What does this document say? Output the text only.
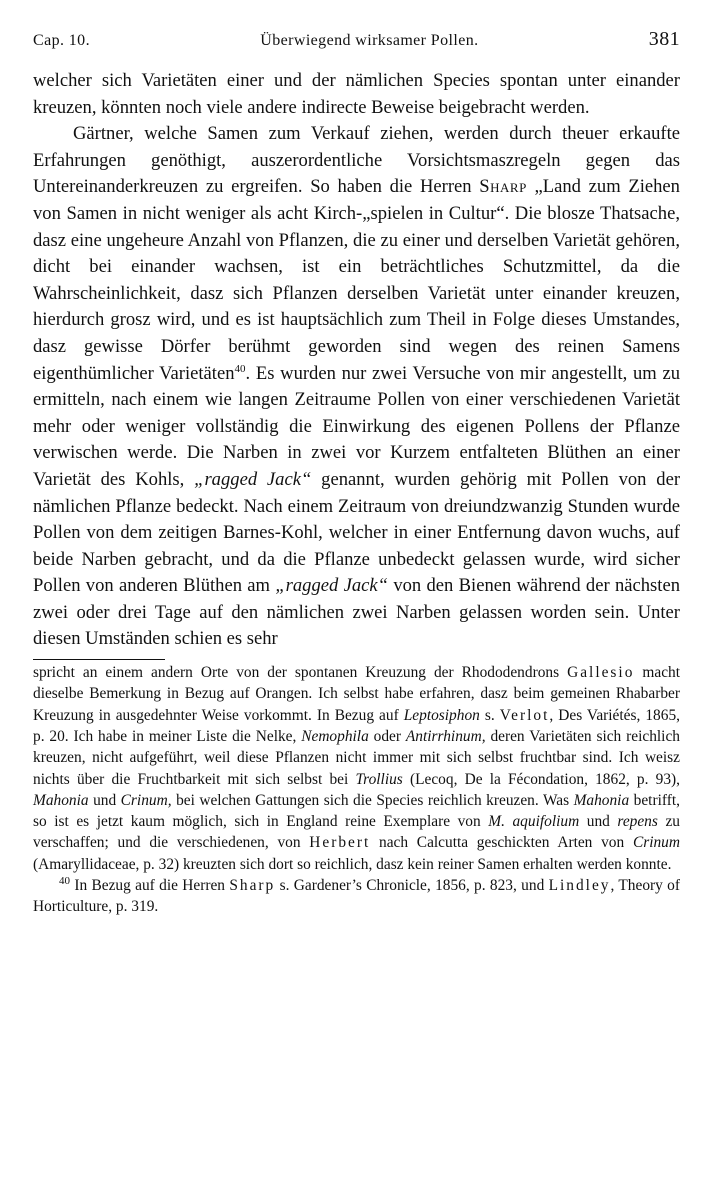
Cap. 10.	Überwiegend wirksamer Pollen.	381

welcher sich Varietäten einer und der nämlichen Species spontan unter einander kreuzen, könnten noch viele andere indirecte Beweise beigebracht werden.

Gärtner, welche Samen zum Verkauf ziehen, werden durch theuer erkaufte Erfahrungen genöthigt, auszerordentliche Vorsichtsmaszregeln gegen das Untereinanderkreuzen zu ergreifen. So haben die Herren Sharp „Land zum Ziehen von Samen in nicht weniger als acht Kirch-„spielen in Cultur“. Die blosze Thatsache, dasz eine ungeheure Anzahl von Pflanzen, die zu einer und derselben Varietät gehören, dicht bei einander wachsen, ist ein beträchtliches Schutzmittel, da die Wahrscheinlichkeit, dasz sich Pflanzen derselben Varietät unter einander kreuzen, hierdurch grosz wird, und es ist hauptsächlich zum Theil in Folge dieses Umstandes, dasz gewisse Dörfer berühmt geworden sind wegen des reinen Samens eigenthümlicher Varietäten$^{40}$. Es wurden nur zwei Versuche von mir angestellt, um zu ermitteln, nach einem wie langen Zeitraume Pollen von einer verschiedenen Varietät mehr oder weniger vollständig die Einwirkung des eigenen Pollens der Pflanze verwischen werde. Die Narben in zwei vor Kurzem entfalteten Blüthen an einer Varietät des Kohls, „ragged Jack“ genannt, wurden gehörig mit Pollen von der nämlichen Pflanze bedeckt. Nach einem Zeitraum von dreiundzwanzig Stunden wurde Pollen von dem zeitigen Barnes-Kohl, welcher in einer Entfernung davon wuchs, auf beide Narben gebracht, und da die Pflanze unbedeckt gelassen wurde, wird sicher Pollen von anderen Blüthen am „ragged Jack“ von den Bienen während der nächsten zwei oder drei Tage auf den nämlichen zwei Narben gelassen worden sein. Unter diesen Umständen schien es sehr

spricht an einem andern Orte von der spontanen Kreuzung der Rhododendrons Gallesio macht dieselbe Bemerkung in Bezug auf Orangen. Ich selbst habe erfahren, dasz beim gemeinen Rhabarber Kreuzung in ausgedehnter Weise vorkommt. In Bezug auf Leptosiphon s. Verlot, Des Variétés, 1865, p. 20. Ich habe in meiner Liste die Nelke, Nemophila oder Antirrhinum, deren Varietäten sich reichlich kreuzen, nicht aufgeführt, weil diese Pflanzen nicht immer mit sich selbst fruchtbar sind. Ich weisz nichts über die Fruchtbarkeit mit sich selbst bei Trollius (Lecoq, De la Fécondation, 1862, p. 93), Mahonia und Crinum, bei welchen Gattungen sich die Species reichlich kreuzen. Was Mahonia betrifft, so ist es jetzt kaum möglich, sich in England reine Exemplare von M. aquifolium und repens zu verschaffen; und die verschiedenen, von Herbert nach Calcutta geschickten Arten von Crinum (Amaryllidaceae, p. 32) kreuzten sich dort so reichlich, dasz kein reiner Samen erhalten werden konnte.

$^{40}$ In Bezug auf die Herren Sharp s. Gardener’s Chronicle, 1856, p. 823, und Lindley, Theory of Horticulture, p. 319.
